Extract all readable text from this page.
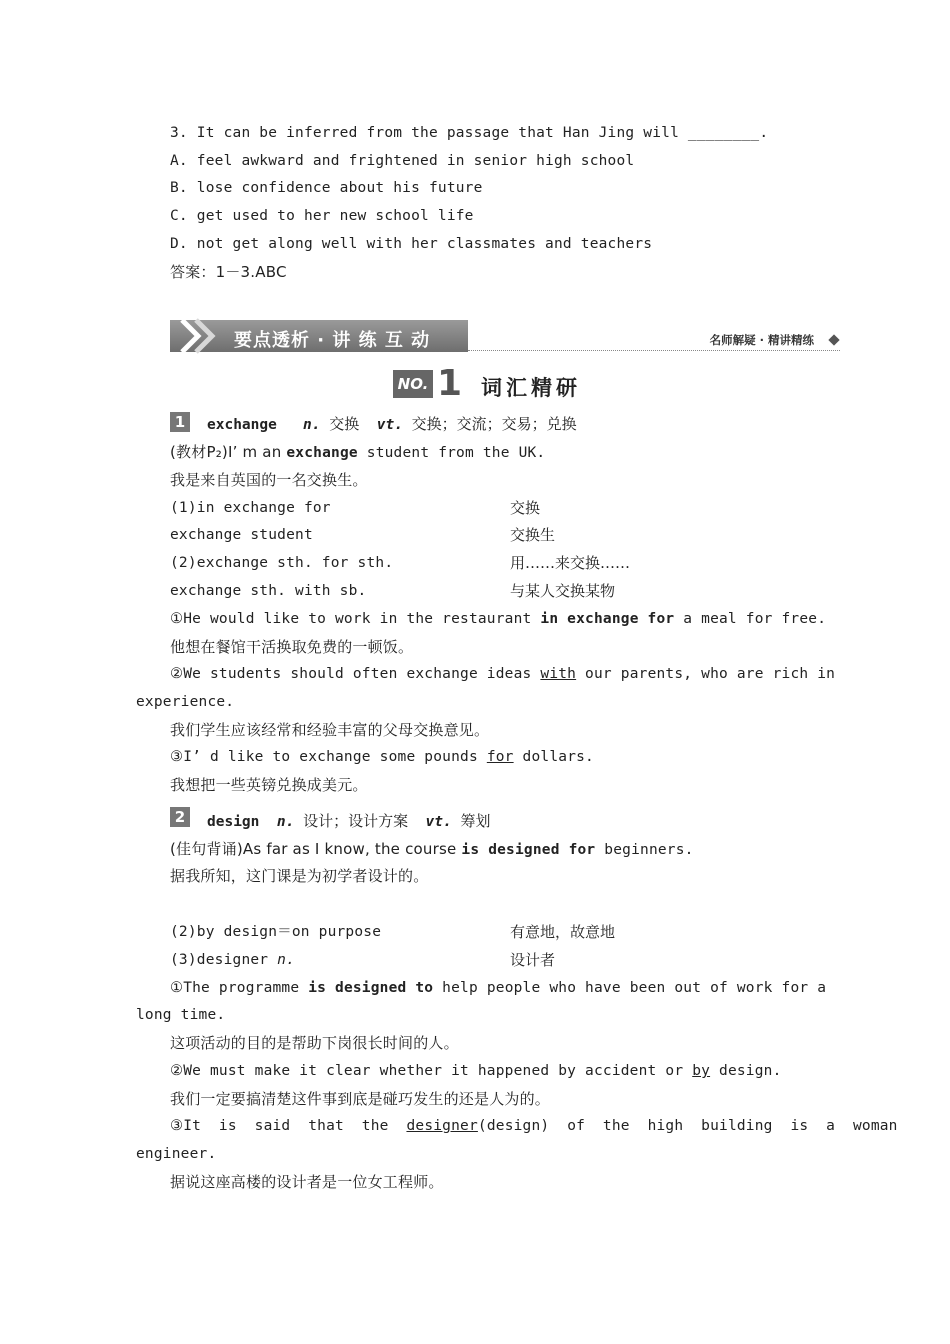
3. It can be inferred from the passage that Han Jing will ________.
A. feel awkward and frightened in senior high school
B. lose confidence about his future
C. get used to her new school life
D. not get along well with her classmates and teachers
答案：1－3.ABC
要点透析 · 讲 练 互 动	名师解疑 · 精讲精练
NO. 1 词汇精研
1	exchange n. 交换 vt. 交换；交流；交易；兑换
(教材P₂)I’ m an exchange student from the UK.
我是来自英国的一名交换生。
(1)in exchange for	交换
exchange student	交换生
(2)exchange sth. for sth.	用……来交换……
exchange sth. with sb.	与某人交换某物
①He would like to work in the restaurant in exchange for a meal for free.
他想在餐馆干活换取免费的一顿饭。
②We students should often exchange ideas with our parents, who are rich in
experience.
我们学生应该经常和经验丰富的父母交换意见。
③I’ d like to exchange some pounds for dollars.
我想把一些英镑兑换成美元。
2	design n. 设计；设计方案 vt. 筹划
(佳句背诵)As far as I know, the course is designed for beginners.
据我所知，这门课是为初学者设计的。
(2)by design＝on purpose	有意地，故意地
(3)designer n.	设计者
①The programme is designed to help people who have been out of work for a
long time.
这项活动的目的是帮助下岗很长时间的人。
②We must make it clear whether it happened by accident or by design.
我们一定要搞清楚这件事到底是碰巧发生的还是人为的。
③It  is  said  that  the  designer(design)  of  the  high  building  is  a  woman
engineer.
据说这座高楼的设计者是一位女工程师。
